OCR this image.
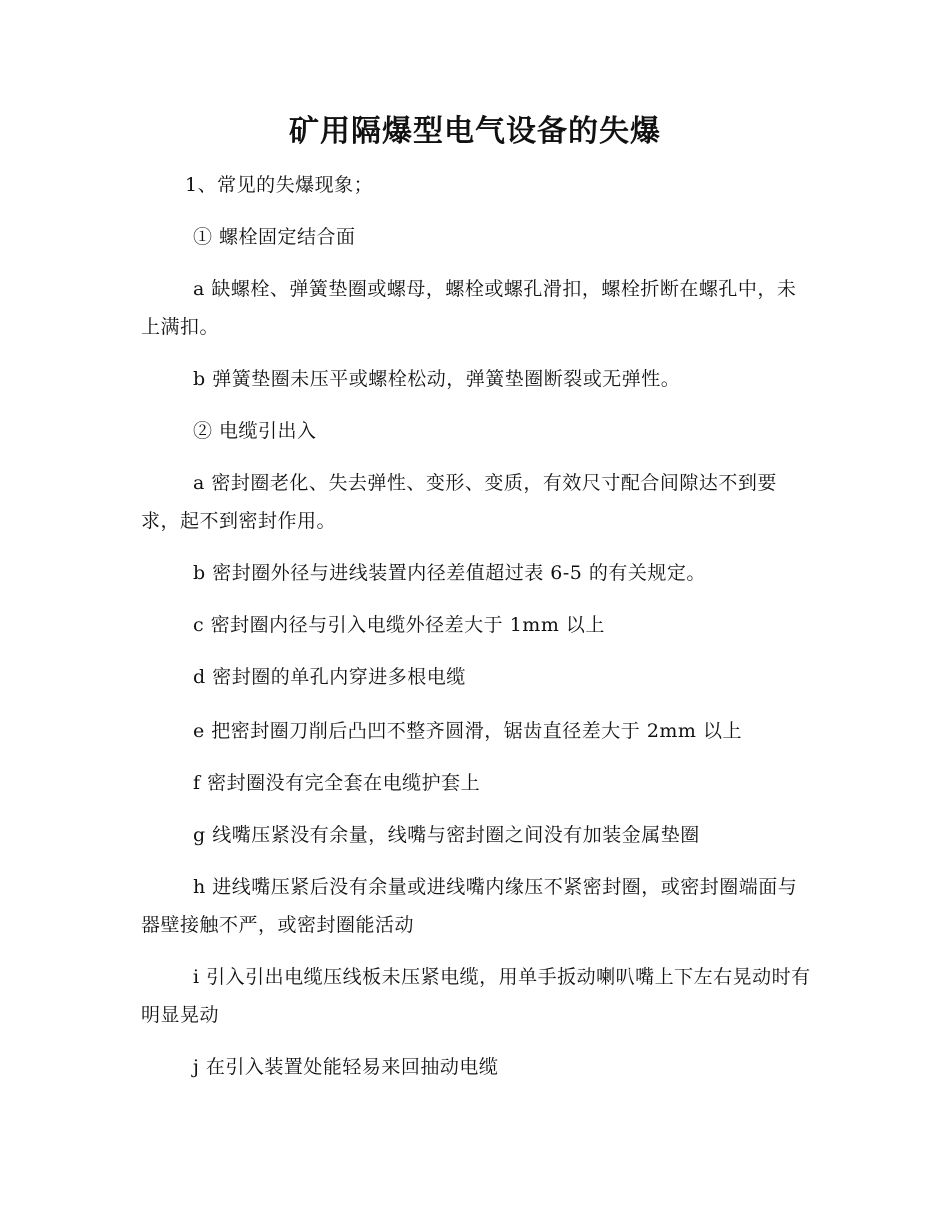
矿用隔爆型电气设备的失爆

1、常见的失爆现象；

① 螺栓固定结合面

a 缺螺栓、弹簧垫圈或螺母，螺栓或螺孔滑扣，螺栓折断在螺孔中，未上满扣。

b 弹簧垫圈未压平或螺栓松动，弹簧垫圈断裂或无弹性。

② 电缆引出入

a 密封圈老化、失去弹性、变形、变质，有效尺寸配合间隙达不到要求，起不到密封作用。

b 密封圈外径与进线装置内径差值超过表 6-5 的有关规定。

c 密封圈内径与引入电缆外径差大于 1mm 以上

d 密封圈的单孔内穿进多根电缆

e 把密封圈刀削后凸凹不整齐圆滑，锯齿直径差大于 2mm 以上

f 密封圈没有完全套在电缆护套上

g 线嘴压紧没有余量，线嘴与密封圈之间没有加装金属垫圈

h 进线嘴压紧后没有余量或进线嘴内缘压不紧密封圈，或密封圈端面与器壁接触不严，或密封圈能活动

i 引入引出电缆压线板未压紧电缆，用单手扳动喇叭嘴上下左右晃动时有明显晃动

j 在引入装置处能轻易来回抽动电缆
